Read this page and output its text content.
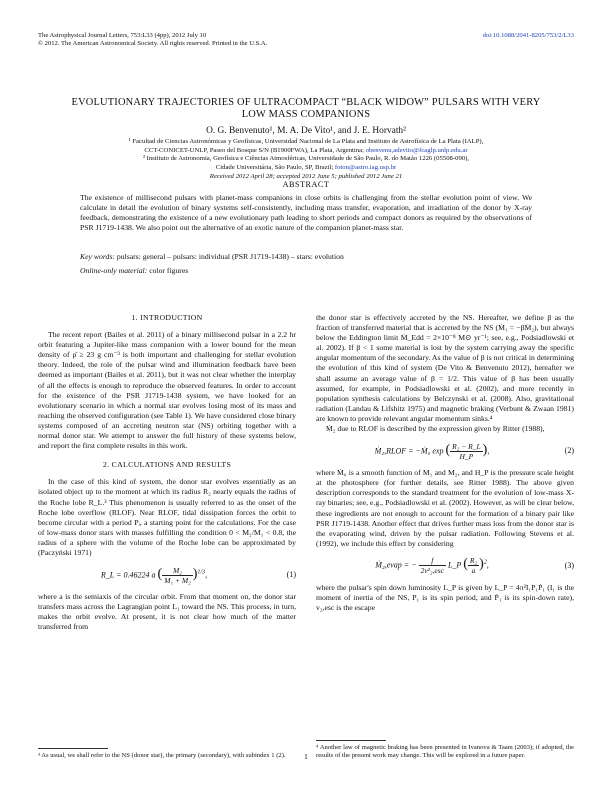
The Astrophysical Journal Letters, 753:L33 (4pp), 2012 July 10
© 2012. The American Astronomical Society. All rights reserved. Printed in the U.S.A.
doi:10.1088/2041-8205/753/2/L33
EVOLUTIONARY TRAJECTORIES OF ULTRACOMPACT “BLACK WIDOW” PULSARS WITH VERY LOW MASS COMPANIONS
O. G. Benvenuto¹, M. A. De Vito¹, and J. E. Horvath²
¹ Facultad de Ciencias Astronómicas y Geofísicas, Universidad Nacional de La Plata and Instituto de Astrofísica de La Plata (IALP),
CCT-CONICET-UNLP, Paseo del Bosque S/N (B1900FWA), La Plata, Argentina; obenvenu,adevito@fcaglp.unlp.edu.ar
² Instituto de Astronomia, Geofísica e Ciências Atmosféricas, Universidade de São Paulo, R. do Matão 1226 (05508-090),
Cidade Universitária, São Paulo, SP, Brazil; foton@astro.iag.usp.br
Received 2012 April 28; accepted 2012 June 5; published 2012 June 21
ABSTRACT
The existence of millisecond pulsars with planet-mass companions in close orbits is challenging from the stellar evolution point of view. We calculate in detail the evolution of binary systems self-consistently, including mass transfer, evaporation, and irradiation of the donor by X-ray feedback, demonstrating the existence of a new evolutionary path leading to short periods and compact donors as required by the observations of PSR J1719-1438. We also point out the alternative of an exotic nature of the companion planet-mass star.
Key words: pulsars: general – pulsars: individual (PSR J1719-1438) – stars: evolution
Online-only material: color figures
1. INTRODUCTION

The recent report (Bailes et al. 2011) of a binary millisecond pulsar in a 2.2 hr orbit featuring a Jupiter-like mass companion with a lower bound for the mean density of ρ̄ ≥ 23 g cm⁻³ is both important and challenging for stellar evolution theory. Indeed, the role of the pulsar wind and illumination feedback have been deemed as important (Bailes et al. 2011), but it was not clear whether the interplay of all the effects is enough to reproduce the observed features. In order to account for the existence of the PSR J1719-1438 system, we have looked for an evolutionary scenario in which a normal star evolves losing most of its mass and reaching the observed configuration (see Table 1). We have considered close binary systems composed of an accreting neutron star (NS) orbiting together with a normal donor star. We attempt to answer the full history of these systems below, and report the first complete results in this work.

2. CALCULATIONS AND RESULTS

In the case of this kind of system, the donor star evolves essentially as an isolated object up to the moment at which its radius R₂ nearly equals the radius of the Roche lobe R_L.³ This phenomenon is usually referred to as the onset of the Roche lobe overflow (RLOF). Near RLOF, tidal dissipation forces the orbit to become circular with a period Pᵢ, a starting point for the calculations. For the case of low-mass donor stars with masses fulfilling the condition 0 < M₂/M₁ < 0.8, the radius of a sphere with the volume of the Roche lobe can be approximated by (Paczyński 1971)

R_L = 0.46224 a ( $\frac{\text{M₂}}{\text{M₁ + M₂}} )^{1/3}$,	(1)

where a is the semiaxis of the circular orbit. From that moment on, the donor star transfers mass across the Lagrangian point L₁ toward the NS. This process, in turn, makes the orbit evolve. At present, it is not clear how much of the matter transferred from

³ As usual, we shall refer to the NS (donor star), the primary (secondary), with subindex 1 (2).

the donor star is effectively accreted by the NS. Hereafter, we define β as the fraction of transferred material that is accreted by the NS (Ṁ₁ = −βṀ₂), but always below the Eddington limit Ṁ_Edd = 2×10⁻⁸ M⊙ yr⁻¹; see, e.g., Podsiadlowski et al. 2002). If β < 1 some material is lost by the system carrying away the specific angular momentum of the secondary. As the value of β is not critical in determining the evolution of this kind of system (De Vito & Benvenuto 2012), hereafter we shall assume an average value of β = 1/2. This value of β has been usually assumed, for example, in Podsiadlowski et al. (2002), and more recently in population synthesis calculations by Belczynski et al. (2008). Also, gravitational radiation (Landau & Lifshitz 1975) and magnetic braking (Verbunt & Zwaan 1981) are known to provide relevant angular momentum sinks.⁴

Ṁ₂ due to RLOF is described by the expression given by Ritter (1988),

Ṁ₂,RLOF = −Ṁ₀ exp ( $\frac{\text{R₂ − R\_L}}{H\_P}$ ),	(2)

where Ṁ₀ is a smooth function of M₁ and M₂, and H_P is the pressure scale height at the photosphere (for further details, see Ritter 1988). The above given description corresponds to the standard treatment for the evolution of low-mass X-ray binaries; see, e.g., Podsiadlowski et al. (2002). However, as will be clear below, these ingredients are not enough to account for the formation of a binary pair like PSR J1719-1438. Another effect that drives further mass loss from the donor star is the evaporating wind, driven by the pulsar radiation. Following Stevens et al. (1992), we include this effect by considering

Ṁ₂,evap = − $\frac{f}{\text{2v²₂,esc}}$ L_P ( $\frac{\text{R₂}}{a} )^2$,	(3)

where the pulsar's spin down luminosity L_P is given by L_P = 4π²I₁P₁Ṗ₁ (I₁ is the moment of inertia of the NS, P₁ is its spin period, and Ṗ₁ is its spin-down rate), v₂,esc is the escape

⁴ Another law of magnetic braking has been presented in Ivanova & Taam (2003); if adopted, the results of the present work may change. This will be explored in a future paper.
1
